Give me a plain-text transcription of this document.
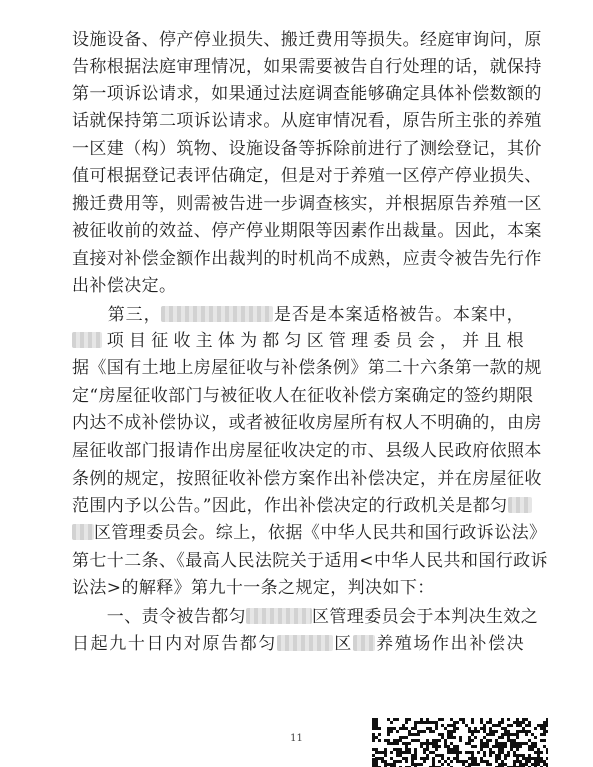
设施设备、停产停业损失、搬迁费用等损失。经庭审询问，原
告称根据法庭审理情况，如果需要被告自行处理的话，就保持
第一项诉讼请求，如果通过法庭调查能够确定具体补偿数额的
话就保持第二项诉讼请求。从庭审情况看，原告所主张的养殖
一区建（构）筑物、设施设备等拆除前进行了测绘登记，其价
值可根据登记表评估确定，但是对于养殖一区停产停业损失、
搬迁费用等，则需被告进一步调查核实，并根据原告养殖一区
被征收前的效益、停产停业期限等因素作出裁量。因此，本案
直接对补偿金额作出裁判的时机尚不成熟，应责令被告先行作
出补偿决定。
　　第三，	是否是本案适格被告。本案中，
项目征收主体为都匀区管理委员会，并且根
据《国有土地上房屋征收与补偿条例》第二十六条第一款的规
定“房屋征收部门与被征收人在征收补偿方案确定的签约期限
内达不成补偿协议，或者被征收房屋所有权人不明确的，由房
屋征收部门报请作出房屋征收决定的市、县级人民政府依照本
条例的规定，按照征收补偿方案作出补偿决定，并在房屋征收
范围内予以公告。”因此，作出补偿决定的行政机关是都匀
区管理委员会。综上，依据《中华人民共和国行政诉讼法》
第七十二条、《最高人民法院关于适用<中华人民共和国行政诉
讼法>的解释》第九十一条之规定，判决如下：
　　一、责令被告都匀	区管理委员会于本判决生效之
日起九十日内对原告都匀	区 养殖场作出补偿决
11
